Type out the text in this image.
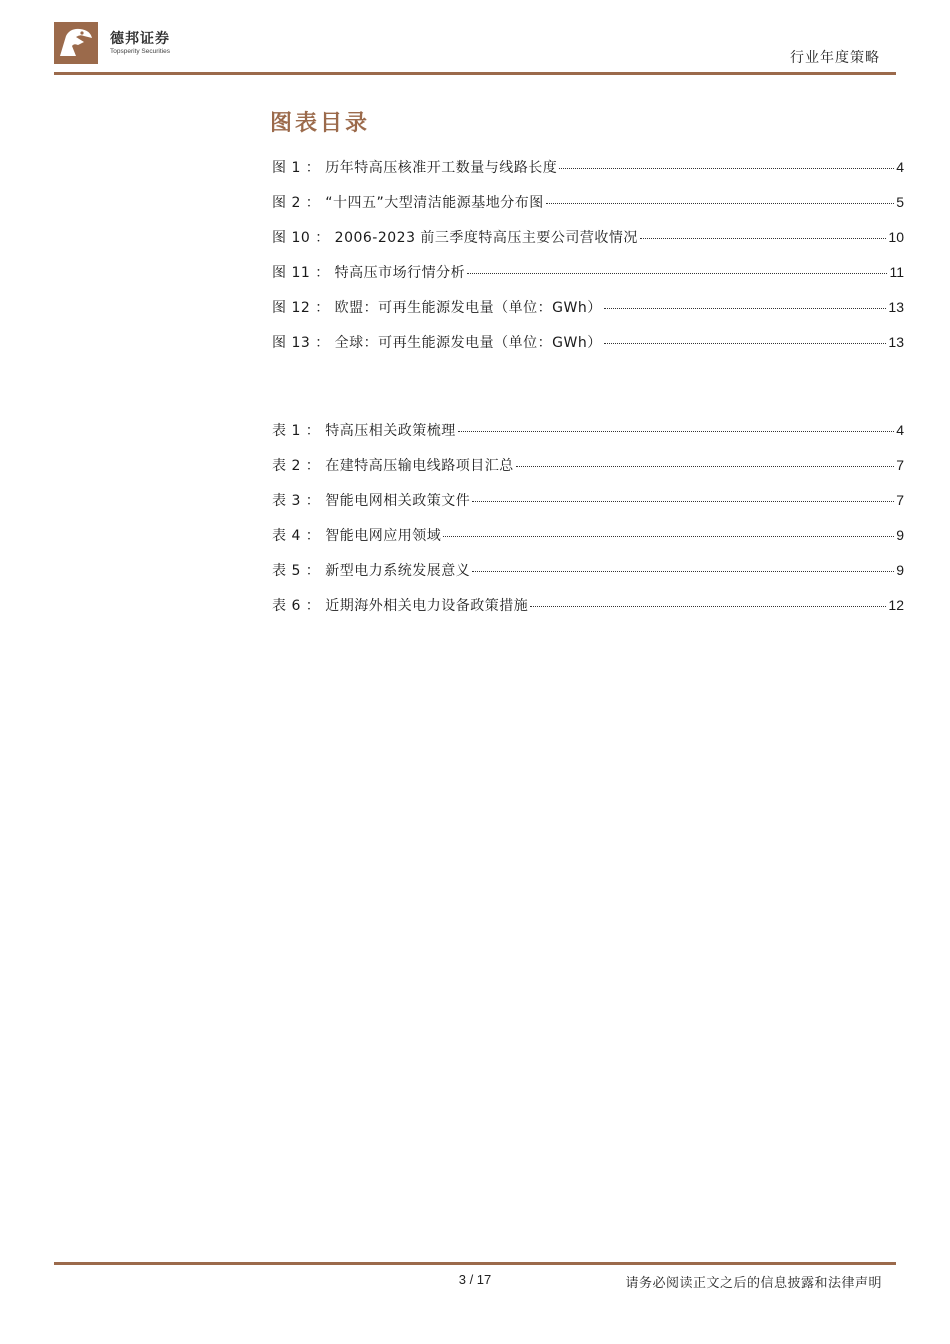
德邦证券
Topsperity Securities	行业年度策略
图表目录
图 1 ： 历年特高压核准开工数量与线路长度	4
图 2 ： “十四五”大型清洁能源基地分布图	5
图 10 ： 2006-2023 前三季度特高压主要公司营收情况	10
图 11 ： 特高压市场行情分析	11
图 12 ： 欧盟：可再生能源发电量（单位：GWh）	13
图 13 ： 全球：可再生能源发电量（单位：GWh）	13
表 1 ： 特高压相关政策梳理	4
表 2 ： 在建特高压输电线路项目汇总	7
表 3 ： 智能电网相关政策文件	7
表 4 ： 智能电网应用领域	9
表 5 ： 新型电力系统发展意义	9
表 6 ： 近期海外相关电力设备政策措施	12
3 / 17	请务必阅读正文之后的信息披露和法律声明
